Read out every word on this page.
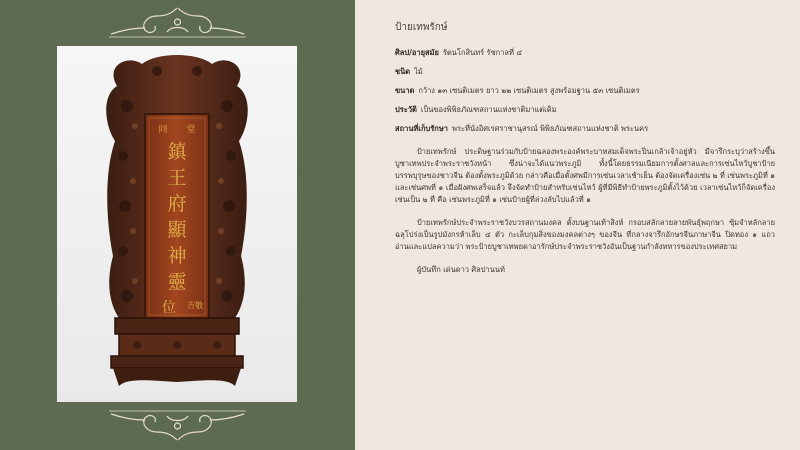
鎮
王
府
顯
神
靈
位
同 堂
吉敬
ป้ายเทพรักษ์
ศิลป/อายุสมัย รัตนโกสินทร์ รัชกาลที่ ๔
ชนิด ไม้
ขนาด กว้าง ๑๓ เซนติเมตร ยาว ๒๒ เซนติเมตร สูงพร้อมฐาน ๕๓ เซนติเมตร
ประวัติ เป็นของพิพิธภัณฑสถานแห่งชาติมาแต่เดิม
สถานที่เก็บรักษา พระที่นั่งอิศเรศราชานุสรณ์ พิพิธภัณฑสถานแห่งชาติ พระนคร
ป้ายเทพรักษ์ ประดิษฐานร่วมกับป้ายฉลองพระองค์พระบาทสมเด็จพระปิ่นเกล้าเจ้าอยู่หัว มีจารึกระบุว่าสร้างขึ้นบูชาเทพประจำพระราชวังหน้า ซึ่งน่าจะได้แนวพระภูมิ ทั้งนี้โดยธรรมเนียมการตั้งศาลและการเซ่นไหว้บูชาป้ายบรรพบุรุษของชาวจีน ต้องตั้งพระภูมิด้วย กล่าวคือเมื่อตั้งศพมีการเซ่นเวลาเช้าเย็น ต้องจัดเครื่องเซ่น ๒ ที่ เซ่นพระภูมิที่ ๑ และเซ่นศพที่ ๑ เมื่อฝังศพเสร็จแล้ว จึงจัดทำป้ายสำหรับเซ่นไหว้ ผู้ที่มีพิธีทำป้ายพระภูมิตั้งไว้ด้วย เวลาเซ่นไหว้ก็จัดเครื่องเซ่นเป็น ๒ ที่ คือ เซ่นพระภูมิที่ ๑ เซ่นป้ายผู้ที่ล่วงลับไปแล้วที่ ๑
ป้ายเทพรักษ์ประจำพระราชวังบวรสถานมงคล ตั้งบนฐานเท้าสิงห์ กรอบสลักลายลายพันธุ์พฤกษา ซุ้มจำหลักลายฉลุโปร่งเป็นรูปมังกรห้าเล็บ ๔ ตัว กะเล็บกุมสิ่งของมงคลต่างๆ ของจีน ที่กลางจารึกอักษรจีนภาษาจีน ปิดทอง ๑ แถว อ่านและแปลความว่า พระป้ายบูชาเทพยดาอารักษ์ประจำพระราชวังอันเป็นฐานกำลังทหารของประเทศสยาม
ผู้บันทึก เด่นดาว ศิลปานนท์
